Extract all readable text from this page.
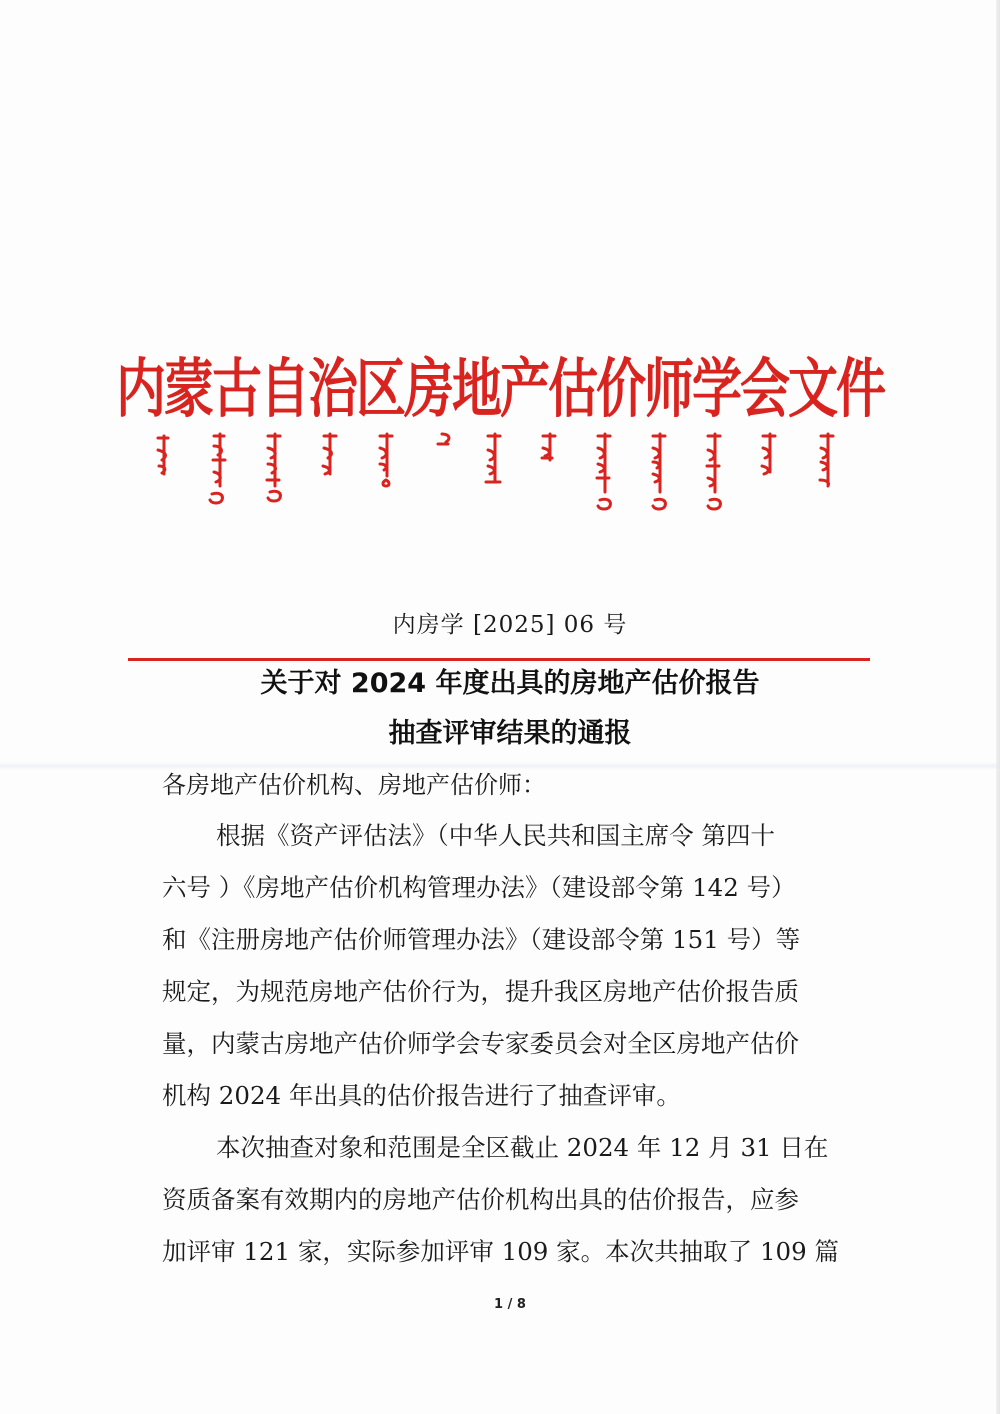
内蒙古自治区房地产估价师学会文件
内房学 [2025] 06 号
关于对 2024 年度出具的房地产估价报告
抽查评审结果的通报
各房地产估价机构、房地产估价师：
根据《资产评估法》（中华人民共和国主席令 第四十
六号 ）《房地产估价机构管理办法》（建设部令第 142 号）
和《注册房地产估价师管理办法》（建设部令第 151 号）等
规定，为规范房地产估价行为，提升我区房地产估价报告质
量，内蒙古房地产估价师学会专家委员会对全区房地产估价
机构 2024 年出具的估价报告进行了抽查评审。
本次抽查对象和范围是全区截止 2024 年 12 月 31 日在
资质备案有效期内的房地产估价机构出具的估价报告，应参
加评审 121 家，实际参加评审 109 家。本次共抽取了 109 篇
1 / 8
